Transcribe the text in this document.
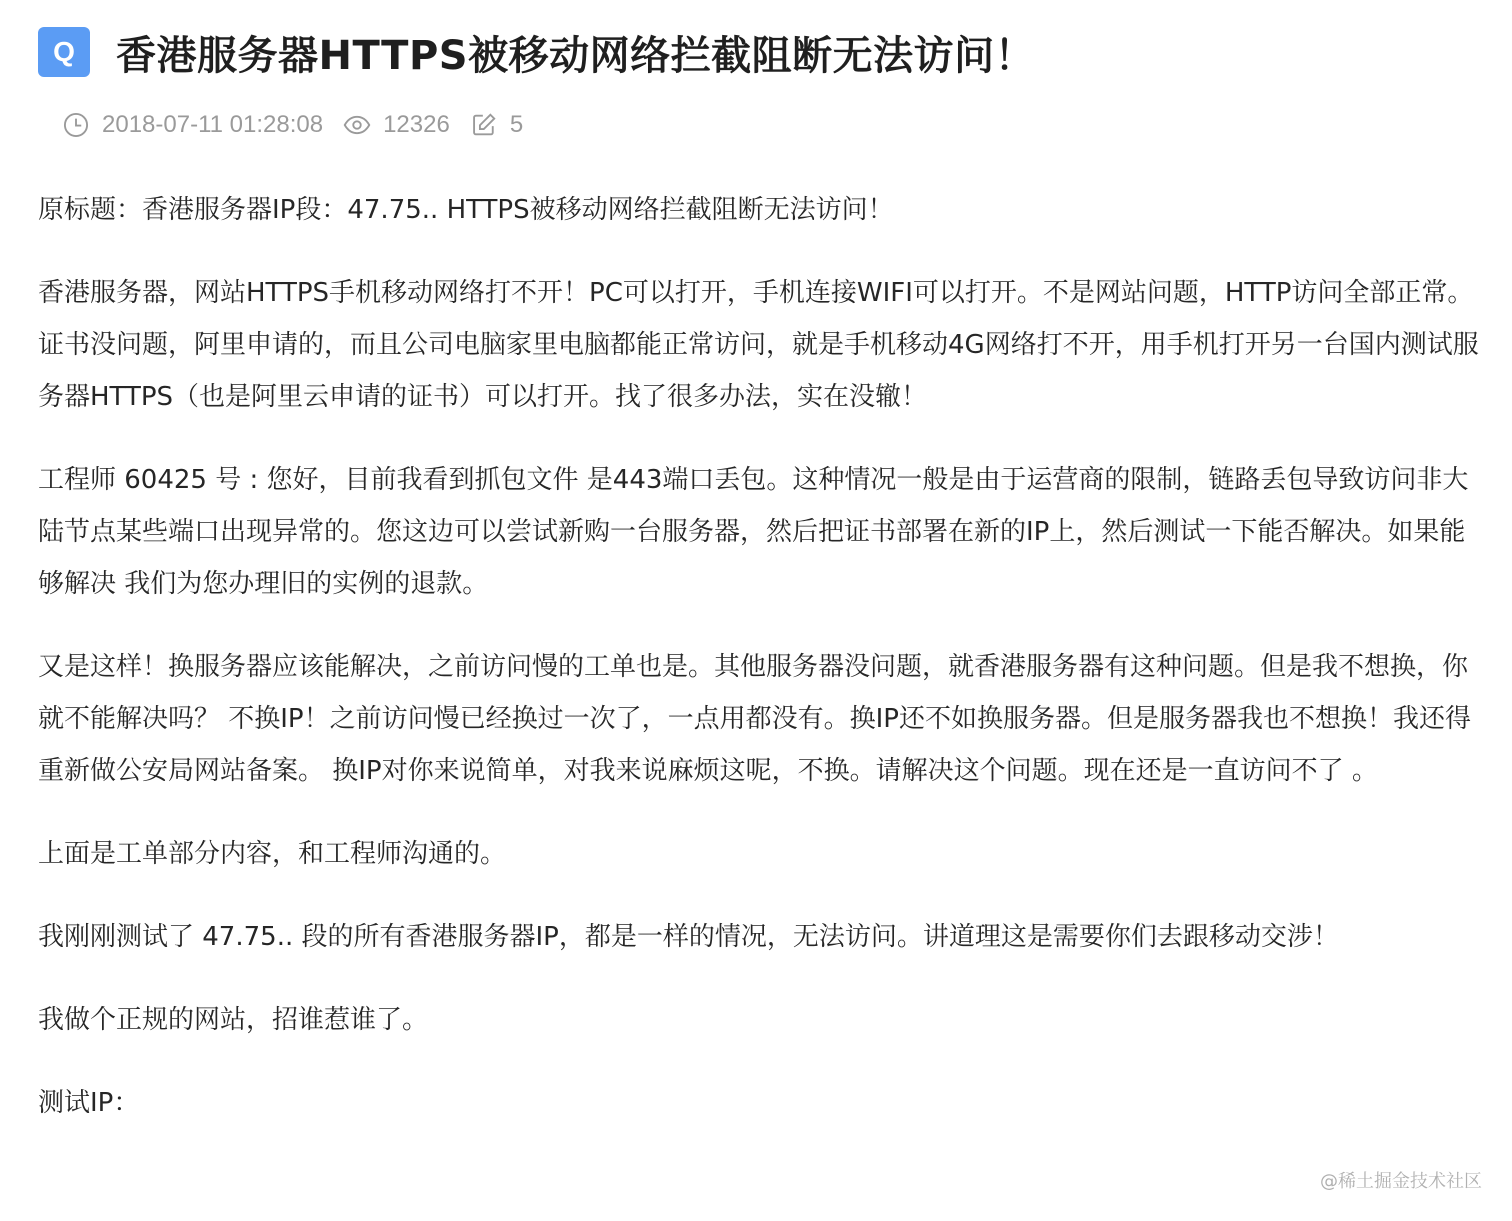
Q	香港服务器HTTPS被移动网络拦截阻断无法访问！
2018-07-11 01:28:08	12326	5

原标题：香港服务器IP段：47.75.. HTTPS被移动网络拦截阻断无法访问！

香港服务器，网站HTTPS手机移动网络打不开！PC可以打开，手机连接WIFI可以打开。不是网站问题，HTTP访问全部正常。证书没问题，阿里申请的，而且公司电脑家里电脑都能正常访问，就是手机移动4G网络打不开，用手机打开另一台国内测试服务器HTTPS（也是阿里云申请的证书）可以打开。找了很多办法，实在没辙！

工程师 60425 号 : 您好，目前我看到抓包文件 是443端口丢包。这种情况一般是由于运营商的限制，链路丢包导致访问非大陆节点某些端口出现异常的。您这边可以尝试新购一台服务器，然后把证书部署在新的IP上，然后测试一下能否解决。如果能够解决 我们为您办理旧的实例的退款。

又是这样！换服务器应该能解决，之前访问慢的工单也是。其他服务器没问题，就香港服务器有这种问题。但是我不想换，你就不能解决吗？ 不换IP！之前访问慢已经换过一次了，一点用都没有。换IP还不如换服务器。但是服务器我也不想换！我还得重新做公安局网站备案。 换IP对你来说简单，对我来说麻烦这呢，不换。请解决这个问题。现在还是一直访问不了 。

上面是工单部分内容，和工程师沟通的。

我刚刚测试了 47.75.. 段的所有香港服务器IP，都是一样的情况，无法访问。讲道理这是需要你们去跟移动交涉！

我做个正规的网站，招谁惹谁了。

测试IP：

@稀土掘金技术社区
